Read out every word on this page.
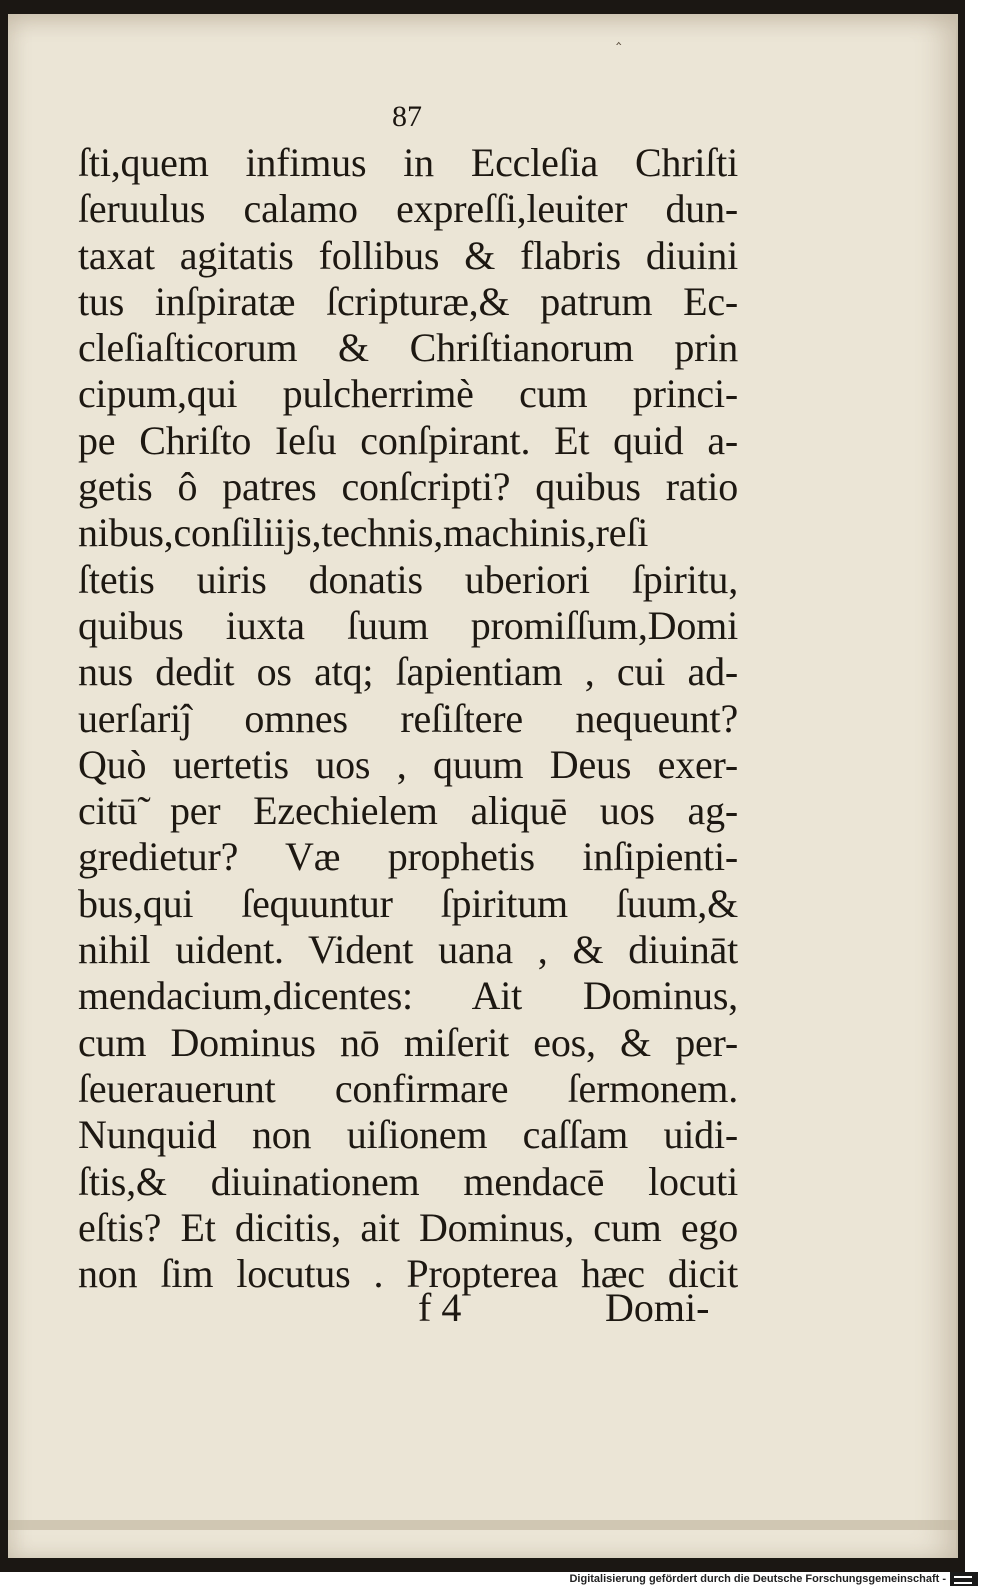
‸
87
ſti,quem infimus in Eccleſia Chriſti
ſeruulus calamo expreſſi,leuiter dun-
taxat agitatis follibus & flabris diuini
tus inſpiratæ ſcripturæ,& patrum Ec-
cleſiaſticorum & Chriſtianorum prin
cipum,qui pulcherrimè cum princi-
pe Chriſto Ieſu conſpirant. Et quid a-
getis ô patres conſcripti? quibus ratio
nibus,conſiliĳs,technis,machinis,reſi
ſtetis uiris donatis uberiori ſpiritu,
quibus iuxta ſuum promiſſum,Domi
nus dedit os atq; ſapientiam , cui ad-
uerſariĵ omnes reſiſtere nequeunt?
Quò uertetis uos , quum Deus exer-
citū̃ per Ezechielem aliquē uos ag-
gredietur? Væ prophetis inſipienti-
bus,qui ſequuntur ſpiritum ſuum,&
nihil uident. Vident uana , & diuināt
mendacium,dicentes: Ait Dominus,
cum Dominus nō miſerit eos, & per-
ſeuerauerunt confirmare ſermonem.
Nunquid non uiſionem caſſam uidi-
ſtis,& diuinationem mendacē locuti
eſtis? Et dicitis, ait Dominus, cum ego
non ſim locutus . Propterea hæc dicit
f 4	Domi-
Digitalisierung gefördert durch die Deutsche Forschungsgemeinschaft -
